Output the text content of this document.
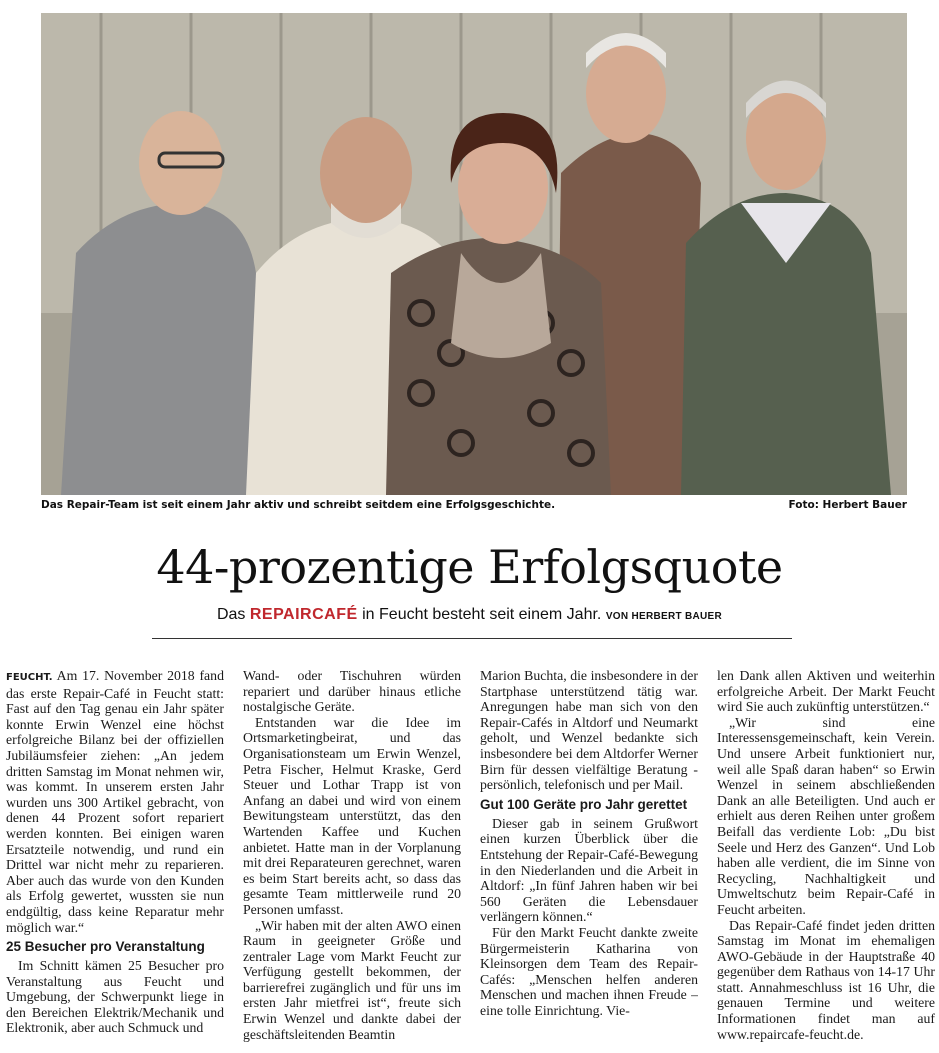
Das Repair-Team ist seit einem Jahr aktiv und schreibt seitdem eine Erfolgsgeschichte.	Foto: Herbert Bauer
44-prozentige Erfolgsquote
Das REPAIRCAFÉ in Feucht besteht seit einem Jahr. VON HERBERT BAUER

FEUCHT. Am 17. November 2018 fand das erste Repair-Café in Feucht statt: Fast auf den Tag genau ein Jahr später konnte Erwin Wenzel eine höchst erfolgreiche Bilanz bei der offiziellen Jubiläumsfeier ziehen: „An jedem dritten Samstag im Monat nehmen wir, was kommt. In unserem ersten Jahr wurden uns 300 Artikel gebracht, von denen 44 Prozent sofort repariert werden konnten. Bei einigen waren Ersatzteile notwendig, und rund ein Drittel war nicht mehr zu reparieren. Aber auch das wurde von den Kunden als Erfolg gewertet, wussten sie nun endgültig, dass keine Reparatur mehr möglich war.“

25 Besucher pro Veranstaltung

Im Schnitt kämen 25 Besucher pro Veranstaltung aus Feucht und Umgebung, der Schwerpunkt liege in den Bereichen Elektrik/Mechanik und Elektronik, aber auch Schmuck und

Wand- oder Tischuhren würden repariert und darüber hinaus etliche nostalgische Geräte.

Entstanden war die Idee im Ortsmarketingbeirat, und das Organisationsteam um Erwin Wenzel, Petra Fischer, Helmut Kraske, Gerd Steuer und Lothar Trapp ist von Anfang an dabei und wird von einem Bewitungsteam unterstützt, das den Wartenden Kaffee und Kuchen anbietet. Hatte man in der Vorplanung mit drei Reparateuren gerechnet, waren es beim Start bereits acht, so dass das gesamte Team mittlerweile rund 20 Personen umfasst.

„Wir haben mit der alten AWO einen Raum in geeigneter Größe und zentraler Lage vom Markt Feucht zur Verfügung gestellt bekommen, der barrierefrei zugänglich und für uns im ersten Jahr mietfrei ist“, freute sich Erwin Wenzel und dankte dabei der geschäftsleitenden Beamtin

Marion Buchta, die insbesondere in der Startphase unterstützend tätig war. Anregungen habe man sich von den Repair-Cafés in Altdorf und Neumarkt geholt, und Wenzel bedankte sich insbesondere bei dem Altdorfer Werner Birn für dessen vielfältige Beratung - persönlich, telefonisch und per Mail.

Gut 100 Geräte pro Jahr gerettet

Dieser gab in seinem Grußwort einen kurzen Überblick über die Entstehung der Repair-Café-Bewegung in den Niederlanden und die Arbeit in Altdorf: „In fünf Jahren haben wir bei 560 Geräten die Lebensdauer verlängern können.“

Für den Markt Feucht dankte zweite Bürgermeisterin Katharina von Kleinsorgen dem Team des Repair-Cafés: „Menschen helfen anderen Menschen und machen ihnen Freude – eine tolle Einrichtung. Vie-

len Dank allen Aktiven und weiterhin erfolgreiche Arbeit. Der Markt Feucht wird Sie auch zukünftig unterstützen.“

„Wir sind eine Interessensgemeinschaft, kein Verein. Und unsere Arbeit funktioniert nur, weil alle Spaß daran haben“ so Erwin Wenzel in seinem abschließenden Dank an alle Beteiligten. Und auch er erhielt aus deren Reihen unter großem Beifall das verdiente Lob: „Du bist Seele und Herz des Ganzen“. Und Lob haben alle verdient, die im Sinne von Recycling, Nachhaltigkeit und Umweltschutz beim Repair-Café in Feucht arbeiten.

Das Repair-Café findet jeden dritten Samstag im Monat im ehemaligen AWO-Gebäude in der Hauptstraße 40 gegenüber dem Rathaus von 14-17 Uhr statt. Annahmeschluss ist 16 Uhr, die genauen Termine und weitere Informationen findet man auf www.repaircafe-feucht.de.
